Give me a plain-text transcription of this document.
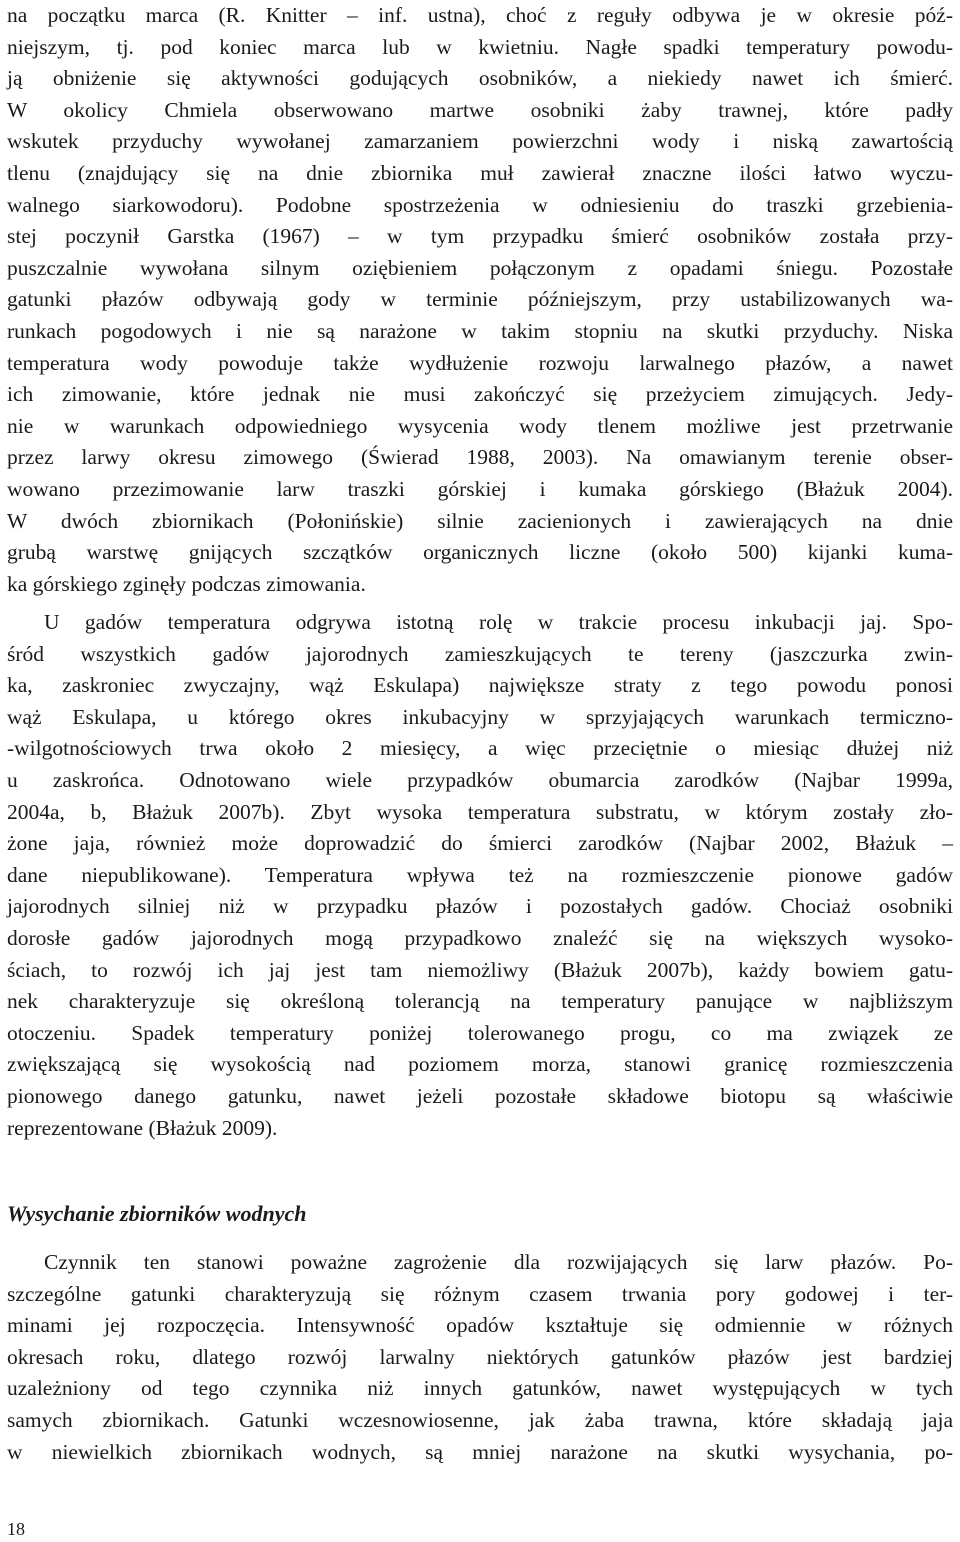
na początku marca (R. Knitter – inf. ustna), choć z reguły odbywa je w okresie póź-
niejszym, tj. pod koniec marca lub w kwietniu. Nagłe spadki temperatury powodu-
ją obniżenie się aktywności godujących osobników, a niekiedy nawet ich śmierć.
W okolicy Chmiela obserwowano martwe osobniki żaby trawnej, które padły
wskutek przyduchy wywołanej zamarzaniem powierzchni wody i niską zawartością
tlenu (znajdujący się na dnie zbiornika muł zawierał znaczne ilości łatwo wyczu-
walnego siarkowodoru). Podobne spostrzeżenia w odniesieniu do traszki grzebienia-
stej poczynił Garstka (1967) – w tym przypadku śmierć osobników została przy-
puszczalnie wywołana silnym oziębieniem połączonym z opadami śniegu. Pozostałe
gatunki płazów odbywają gody w terminie późniejszym, przy ustabilizowanych wa-
runkach pogodowych i nie są narażone w takim stopniu na skutki przyduchy. Niska
temperatura wody powoduje także wydłużenie rozwoju larwalnego płazów, a nawet
ich zimowanie, które jednak nie musi zakończyć się przeżyciem zimujących. Jedy-
nie w warunkach odpowiedniego wysycenia wody tlenem możliwe jest przetrwanie
przez larwy okresu zimowego (Świerad 1988, 2003). Na omawianym terenie obser-
wowano przezimowanie larw traszki górskiej i kumaka górskiego (Błażuk 2004).
W dwóch zbiornikach (Połonińskie) silnie zacienionych i zawierających na dnie
grubą warstwę gnijących szczątków organicznych liczne (około 500) kijanki kuma-
ka górskiego zginęły podczas zimowania.
U gadów temperatura odgrywa istotną rolę w trakcie procesu inkubacji jaj. Spo-
śród wszystkich gadów jajorodnych zamieszkujących te tereny (jaszczurka zwin-
ka, zaskroniec zwyczajny, wąż Eskulapa) największe straty z tego powodu ponosi
wąż Eskulapa, u którego okres inkubacyjny w sprzyjających warunkach termiczno-
-wilgotnościowych trwa około 2 miesięcy, a więc przeciętnie o miesiąc dłużej niż
u zaskrońca. Odnotowano wiele przypadków obumarcia zarodków (Najbar 1999a,
2004a, b, Błażuk 2007b). Zbyt wysoka temperatura substratu, w którym zostały zło-
żone jaja, również może doprowadzić do śmierci zarodków (Najbar 2002, Błażuk –
dane niepublikowane). Temperatura wpływa też na rozmieszczenie pionowe gadów
jajorodnych silniej niż w przypadku płazów i pozostałych gadów. Chociaż osobniki
dorosłe gadów jajorodnych mogą przypadkowo znaleźć się na większych wysoko-
ściach, to rozwój ich jaj jest tam niemożliwy (Błażuk 2007b), każdy bowiem gatu-
nek charakteryzuje się określoną tolerancją na temperatury panujące w najbliższym
otoczeniu. Spadek temperatury poniżej tolerowanego progu, co ma związek ze
zwiększającą się wysokością nad poziomem morza, stanowi granicę rozmieszczenia
pionowego danego gatunku, nawet jeżeli pozostałe składowe biotopu są właściwie
reprezentowane (Błażuk 2009).
Wysychanie zbiorników wodnych
Czynnik ten stanowi poważne zagrożenie dla rozwijających się larw płazów. Po-
szczególne gatunki charakteryzują się różnym czasem trwania pory godowej i ter-
minami jej rozpoczęcia. Intensywność opadów kształtuje się odmiennie w różnych
okresach roku, dlatego rozwój larwalny niektórych gatunków płazów jest bardziej
uzależniony od tego czynnika niż innych gatunków, nawet występujących w tych
samych zbiornikach. Gatunki wczesnowiosenne, jak żaba trawna, które składają jaja
w niewielkich zbiornikach wodnych, są mniej narażone na skutki wysychania, po-
18
